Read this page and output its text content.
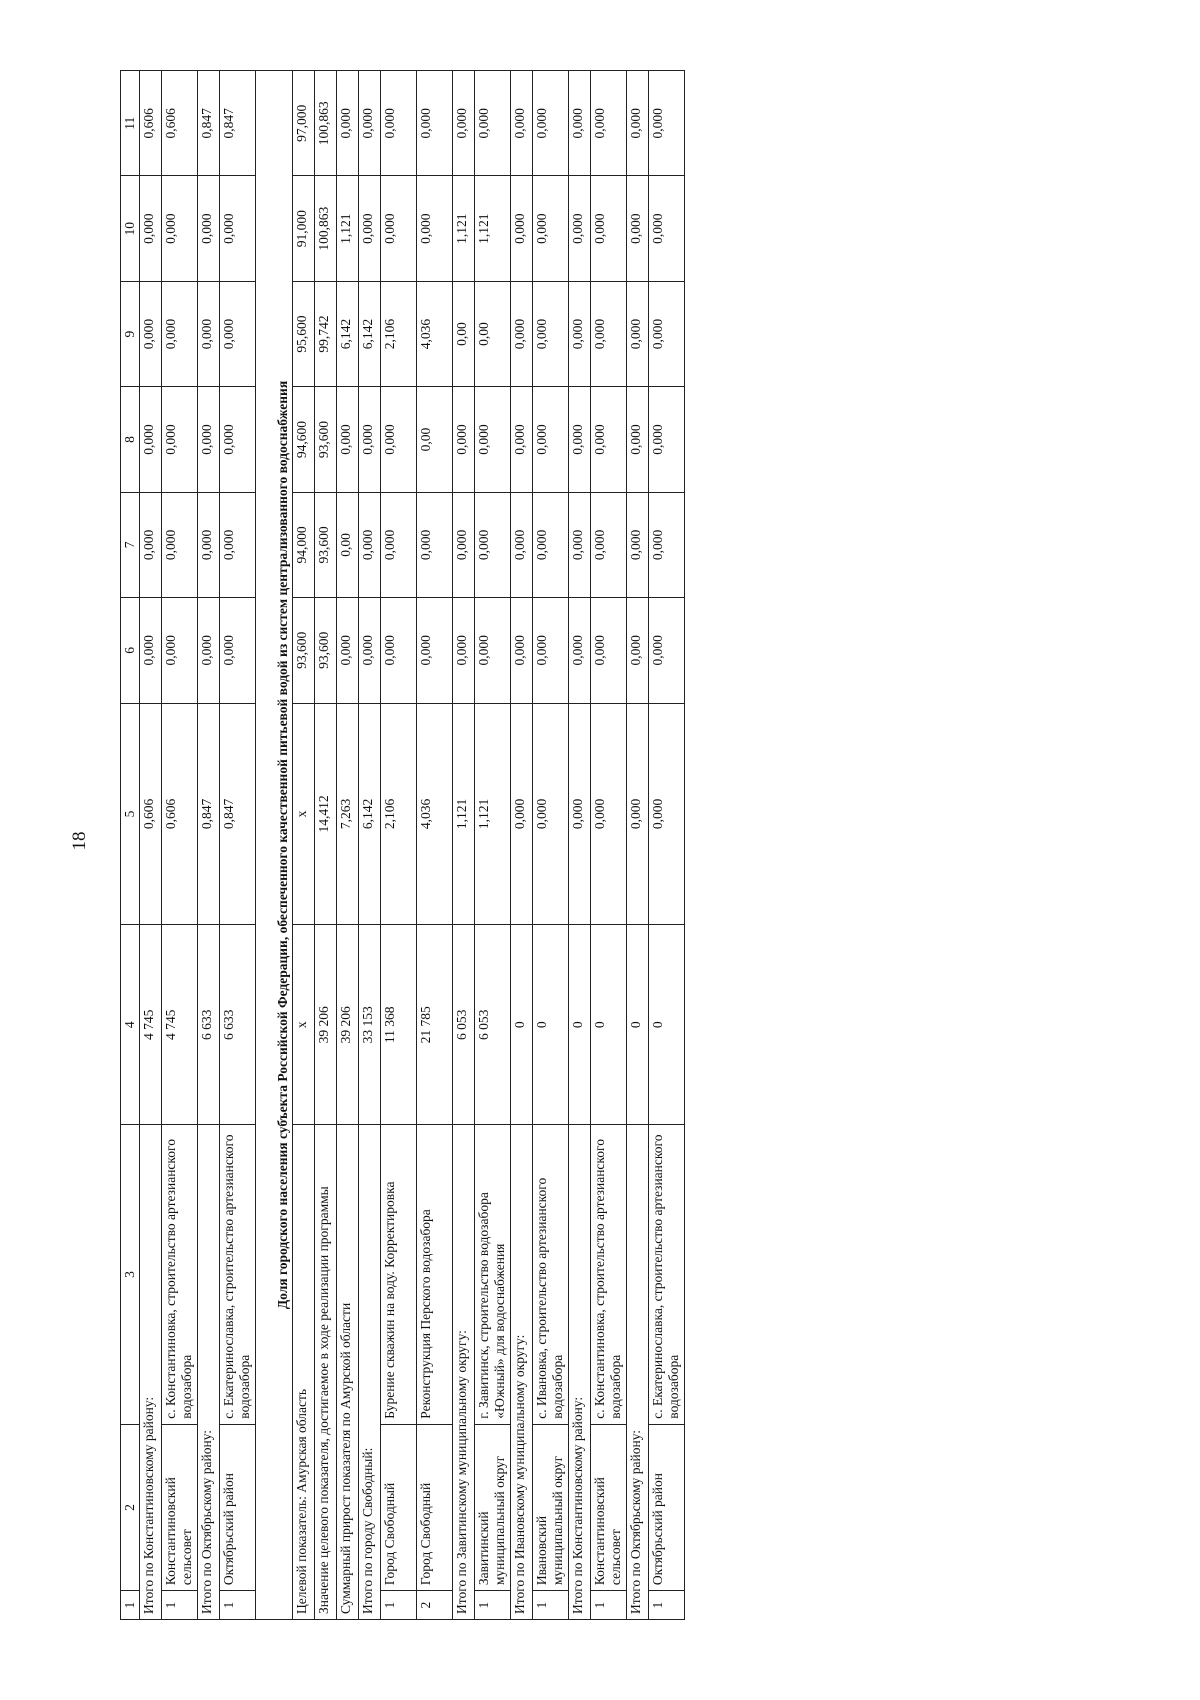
18
1	2	3	4	5	6	7	8	9	10	11
Итого по Константиновскому району:			4 745	0,606	0,000	0,000	0,000	0,000	0,000	0,606
1	Константиновский сельсовет	с. Константиновка, строительство артезианского водозабора	4 745	0,606	0,000	0,000	0,000	0,000	0,000	0,606
Итого по Октябрьскому району:			6 633	0,847	0,000	0,000	0,000	0,000	0,000	0,847
1	Октябрьский район	с. Екатеринославка, строительство артезианского водозабора	6 633	0,847	0,000	0,000	0,000	0,000	0,000	0,847
Доля городского населения субъекта Российской Федерации, обеспеченного качественной питьевой водой из систем централизованного водоснабжения										
Целевой показатель: Амурская область			х	х	93,600	94,000	94,600	95,600	91,000	97,000
Значение целевого показателя, достигаемое в ходе реализации программы			39 206	14,412	93,600	93,600	93,600	99,742	100,863	100,863
Суммарный прирост показателя по Амурской области			39 206	7,263	0,000	0,00	0,000	6,142	1,121	0,000
Итого по городу Свободный:			33 153	6,142	0,000	0,000	0,000	6,142	0,000	0,000
1	Город Свободный	Бурение скважин на воду. Корректировка	11 368	2,106	0,000	0,000	0,000	2,106	0,000	0,000
2	Город Свободный	Реконструкция Перского водозабора	21 785	4,036	0,000	0,000	0,00	4,036	0,000	0,000
Итого по Завитинскому муниципальному округу:			6 053	1,121	0,000	0,000	0,000	0,00	1,121	0,000
1	Завитинский муниципальный округ	г. Завитинск, строительство водозабора «Южный» для водоснабжения	6 053	1,121	0,000	0,000	0,000	0,00	1,121	0,000
Итого по Ивановскому муниципальному округу:			0	0,000	0,000	0,000	0,000	0,000	0,000	0,000
1	Ивановский муниципальный округ	с. Ивановка, строительство артезианского водозабора	0	0,000	0,000	0,000	0,000	0,000	0,000	0,000
Итого по Константиновскому району:			0	0,000	0,000	0,000	0,000	0,000	0,000	0,000
1	Константиновский сельсовет	с. Константиновка, строительство артезианского водозабора	0	0,000	0,000	0,000	0,000	0,000	0,000	0,000
Итого по Октябрьскому району:			0	0,000	0,000	0,000	0,000	0,000	0,000	0,000
1	Октябрьский район	с. Екатеринославка, строительство артезианского водозабора	0	0,000	0,000	0,000	0,000	0,000	0,000	0,000
